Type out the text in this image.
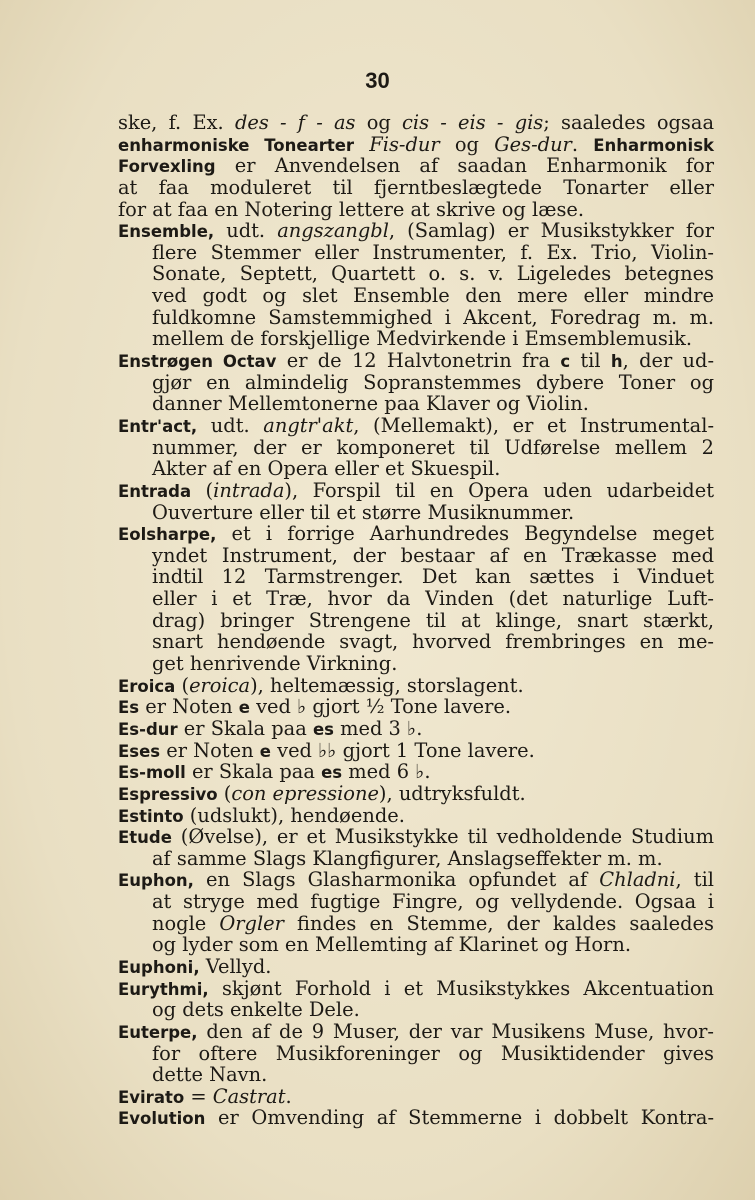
30
ske, f. Ex. des - f - as og cis - eis - gis; saaledes ogsaa
enharmoniske Tonearter Fis-dur og Ges-dur. Enharmonisk
Forvexling er Anvendelsen af saadan Enharmonik for
at faa moduleret til fjerntbeslægtede Tonarter eller
for at faa en Notering lettere at skrive og læse.
Ensemble, udt. angszangbl, (Samlag) er Musikstykker for
flere Stemmer eller Instrumenter, f. Ex. Trio, Violin-
Sonate, Septett, Quartett o. s. v. Ligeledes betegnes
ved godt og slet Ensemble den mere eller mindre
fuldkomne Samstemmighed i Akcent, Foredrag m. m.
mellem de forskjellige Medvirkende i Emsemblemusik.
Enstrøgen Octav er de 12 Halvtonetrin fra c til h, der ud-
gjør en almindelig Sopranstemmes dybere Toner og
danner Mellemtonerne paa Klaver og Violin.
Entr'act, udt. angtr'akt, (Mellemakt), er et Instrumental-
nummer, der er komponeret til Udførelse mellem 2
Akter af en Opera eller et Skuespil.
Entrada (intrada), Forspil til en Opera uden udarbeidet
Ouverture eller til et større Musiknummer.
Eolsharpe, et i forrige Aarhundredes Begyndelse meget
yndet Instrument, der bestaar af en Trækasse med
indtil 12 Tarmstrenger. Det kan sættes i Vinduet
eller i et Træ, hvor da Vinden (det naturlige Luft-
drag) bringer Strengene til at klinge, snart stærkt,
snart hendøende svagt, hvorved frembringes en me-
get henrivende Virkning.
Eroica (eroica), heltemæssig, storslagent.
Es er Noten e ved ♭ gjort ½ Tone lavere.
Es-dur er Skala paa es med 3 ♭.
Eses er Noten e ved ♭♭ gjort 1 Tone lavere.
Es-moll er Skala paa es med 6 ♭.
Espressivo (con epressione), udtryksfuldt.
Estinto (udslukt), hendøende.
Etude (Øvelse), er et Musikstykke til vedholdende Studium
af samme Slags Klangfigurer, Anslagseffekter m. m.
Euphon, en Slags Glasharmonika opfundet af Chladni, til
at stryge med fugtige Fingre, og vellydende. Ogsaa i
nogle Orgler findes en Stemme, der kaldes saaledes
og lyder som en Mellemting af Klarinet og Horn.
Euphoni, Vellyd.
Eurythmi, skjønt Forhold i et Musikstykkes Akcentuation
og dets enkelte Dele.
Euterpe, den af de 9 Muser, der var Musikens Muse, hvor-
for oftere Musikforeninger og Musiktidender gives
dette Navn.
Evirato = Castrat.
Evolution er Omvending af Stemmerne i dobbelt Kontra-
